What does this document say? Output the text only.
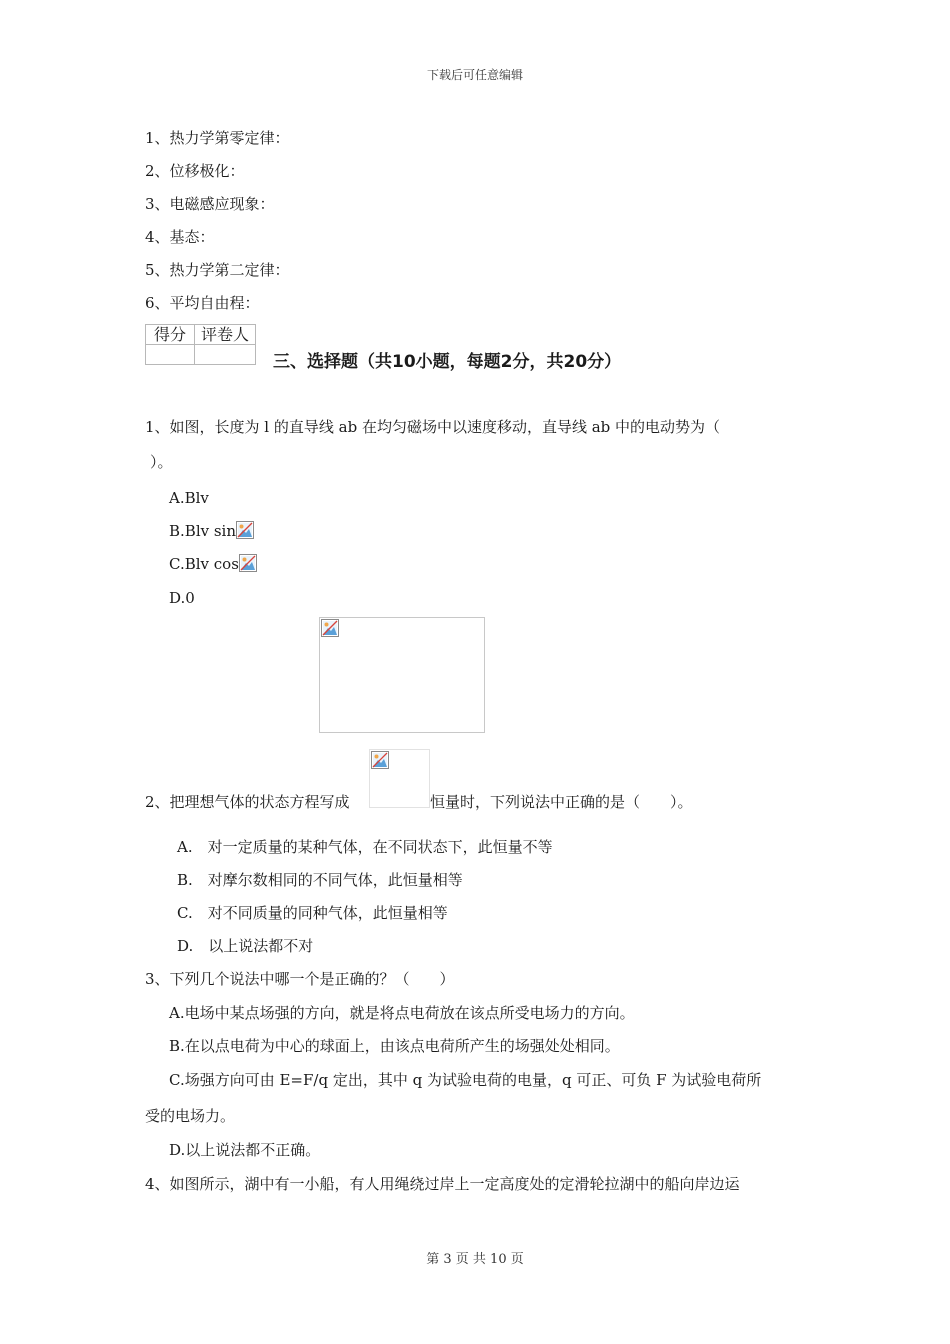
下载后可任意编辑
1、热力学第零定律：
2、位移极化：
3、电磁感应现象：
4、基态：
5、热力学第二定律：
6、平均自由程：
得分	评卷人

三、选择题（共10小题，每题2分，共20分）
1、如图，长度为 l 的直导线 ab 在均匀磁场中以速度移动，直导线 ab 中的电动势为（
）。
A.Blv
B.Blv sin
C.Blv cos
D.0
2、把理想气体的状态方程写成	恒量时，下列说法中正确的是（　　）。
A.　对一定质量的某种气体，在不同状态下，此恒量不等
B.　对摩尔数相同的不同气体，此恒量相等
C.　对不同质量的同种气体，此恒量相等
D.　以上说法都不对
3、下列几个说法中哪一个是正确的？（　　）
A.电场中某点场强的方向，就是将点电荷放在该点所受电场力的方向。
B.在以点电荷为中心的球面上，由该点电荷所产生的场强处处相同。
C.场强方向可由 E=F/q 定出，其中 q 为试验电荷的电量，q 可正、可负 F 为试验电荷所
受的电场力。
D.以上说法都不正确。
4、如图所示，湖中有一小船，有人用绳绕过岸上一定高度处的定滑轮拉湖中的船向岸边运
第 3 页 共 10 页
